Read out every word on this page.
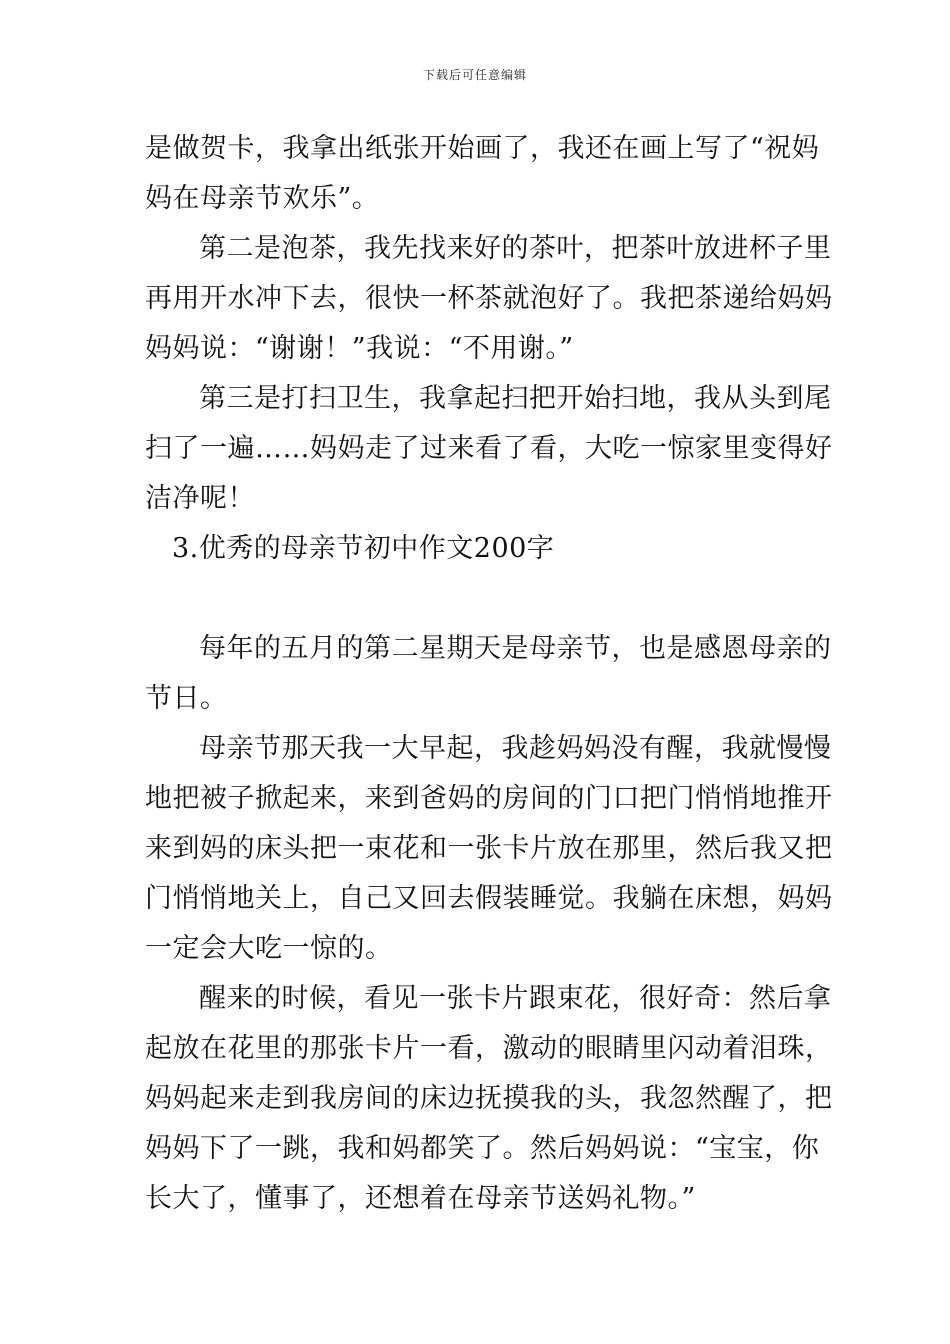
下载后可任意编辑
是做贺卡，我拿出纸张开始画了，我还在画上写了“祝妈
妈在母亲节欢乐”。
第二是泡茶，我先找来好的茶叶，把茶叶放进杯子里
再用开水冲下去，很快一杯茶就泡好了。我把茶递给妈妈
妈妈说：“谢谢！”我说：“不用谢。”
第三是打扫卫生，我拿起扫把开始扫地，我从头到尾
扫了一遍……妈妈走了过来看了看，大吃一惊家里变得好
洁净呢！
3.优秀的母亲节初中作文200字
每年的五月的第二星期天是母亲节，也是感恩母亲的
节日。
母亲节那天我一大早起，我趁妈妈没有醒，我就慢慢
地把被子掀起来，来到爸妈的房间的门口把门悄悄地推开
来到妈的床头把一束花和一张卡片放在那里，然后我又把
门悄悄地关上，自己又回去假装睡觉。我躺在床想，妈妈
一定会大吃一惊的。
醒来的时候，看见一张卡片跟束花，很好奇：然后拿
起放在花里的那张卡片一看，激动的眼睛里闪动着泪珠，
妈妈起来走到我房间的床边抚摸我的头，我忽然醒了，把
妈妈下了一跳，我和妈都笑了。然后妈妈说：“宝宝，你
长大了，懂事了，还想着在母亲节送妈礼物。”
